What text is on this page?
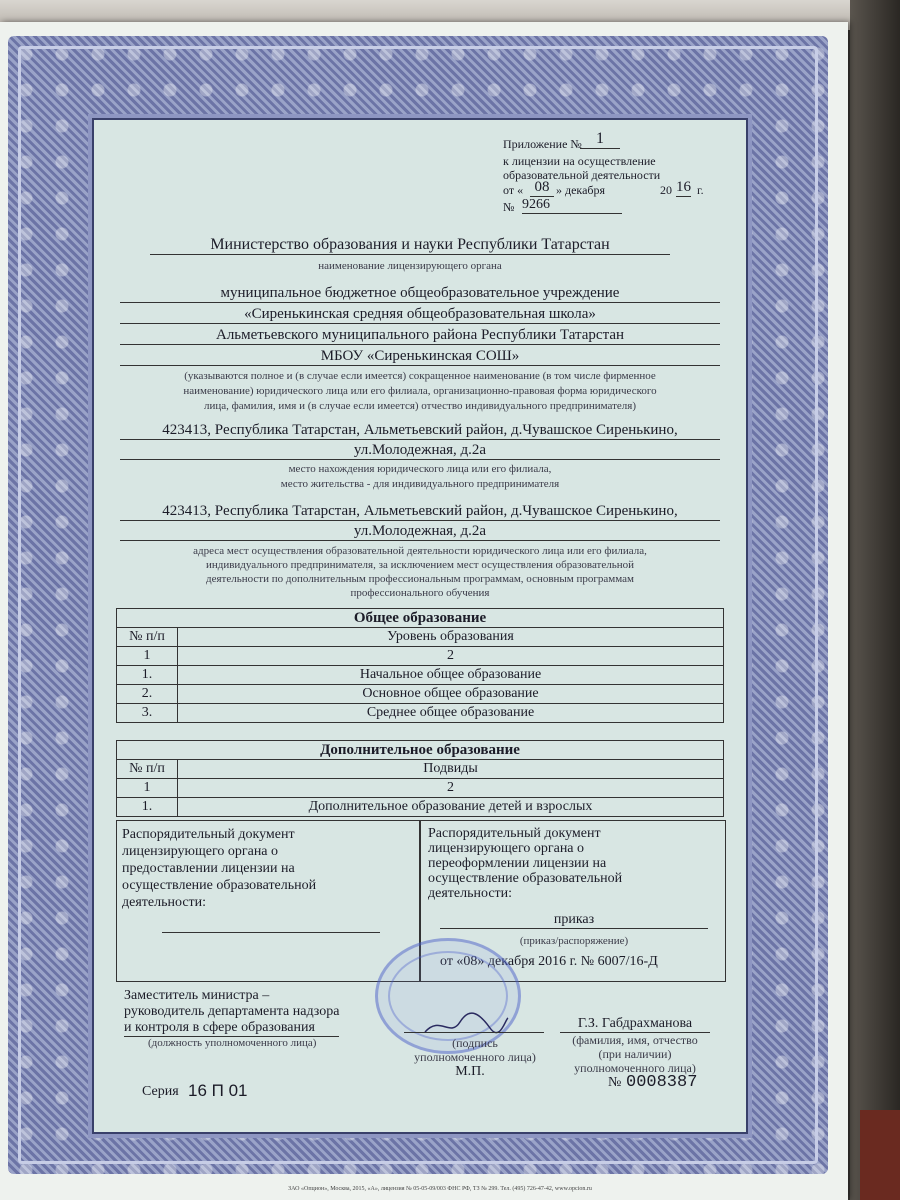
Приложение № 1
к лицензии на осуществление
образовательной деятельности
от « 08 » декабря	20 16 г.
№ 9266
Министерство образования и науки Республики Татарстан
наименование лицензирующего органа
муниципальное бюджетное общеобразовательное учреждение
«Сиренькинская средняя общеобразовательная школа»
Альметьевского муниципального района Республики Татарстан
МБОУ «Сиренькинская СОШ»
(указываются полное и (в случае если имеется) сокращенное наименование (в том числе фирменное
наименование) юридического лица или его филиала, организационно-правовая форма юридического
лица, фамилия, имя и (в случае если имеется) отчество индивидуального предпринимателя)
423413, Республика Татарстан, Альметьевский район, д.Чувашское Сиренькино,
ул.Молодежная, д.2а
место нахождения юридического лица или его филиала,
место жительства - для индивидуального предпринимателя
423413, Республика Татарстан, Альметьевский район, д.Чувашское Сиренькино,
ул.Молодежная, д.2а
адреса мест осуществления образовательной деятельности юридического лица или его филиала,
индивидуального предпринимателя, за исключением мест осуществления образовательной
деятельности по дополнительным профессиональным программам, основным программам
профессионального обучения
Общее образование	
№ п/п	Уровень образования
1	2
1.	Начальное общее образование
2.	Основное общее образование
3.	Среднее общее образование
Дополнительное образование	
№ п/п	Подвиды
1	2
1.	Дополнительное образование детей и взрослых
Распорядительный документ
лицензирующего органа о
предоставлении лицензии на
осуществление образовательной
деятельности:
Распорядительный документ
лицензирующего органа о
переоформлении лицензии на
осуществление образовательной
деятельности:
приказ
(приказ/распоряжение)
от «08» декабря 2016 г. № 6007/16-Д
Заместитель министра –
руководитель департамента надзора
и контроля в сфере образования
(должность уполномоченного лица)	(подпись
уполномоченного лица)
М.П.
Г.З. Габдрахманова
(фамилия, имя, отчество
(при наличии)
уполномоченного лица)
Серия 16 П 01	№ 0008387
ЗАО «Опцион», Москва, 2015, «А», лицензия № 05-05-09/003 ФНС РФ, ТЗ № 299. Тел. (495) 726-47-42, www.opcion.ru
